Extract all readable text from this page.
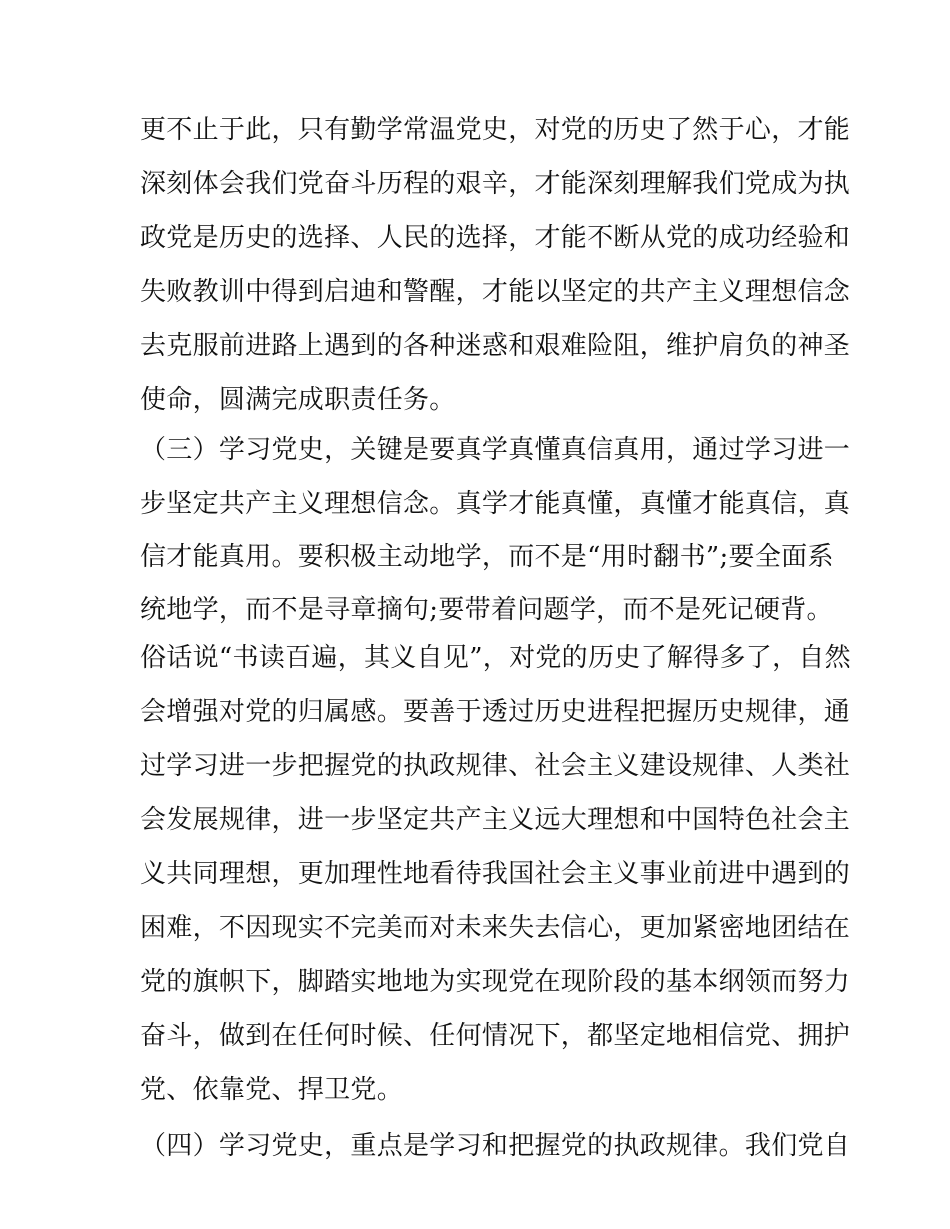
更不止于此，只有勤学常温党史，对党的历史了然于心，才能
深刻体会我们党奋斗历程的艰辛，才能深刻理解我们党成为执
政党是历史的选择、人民的选择，才能不断从党的成功经验和
失败教训中得到启迪和警醒，才能以坚定的共产主义理想信念
去克服前进路上遇到的各种迷惑和艰难险阻，维护肩负的神圣
使命，圆满完成职责任务。
（三）学习党史，关键是要真学真懂真信真用，通过学习进一
步坚定共产主义理想信念。真学才能真懂，真懂才能真信，真
信才能真用。要积极主动地学，而不是“用时翻书”;要全面系
统地学，而不是寻章摘句;要带着问题学，而不是死记硬背。
俗话说“书读百遍，其义自见”，对党的历史了解得多了，自然
会增强对党的归属感。要善于透过历史进程把握历史规律，通
过学习进一步把握党的执政规律、社会主义建设规律、人类社
会发展规律，进一步坚定共产主义远大理想和中国特色社会主
义共同理想，更加理性地看待我国社会主义事业前进中遇到的
困难，不因现实不完美而对未来失去信心，更加紧密地团结在
党的旗帜下，脚踏实地地为实现党在现阶段的基本纲领而努力
奋斗，做到在任何时候、任何情况下，都坚定地相信党、拥护
党、依靠党、捍卫党。
（四）学习党史，重点是学习和把握党的执政规律。我们党自
